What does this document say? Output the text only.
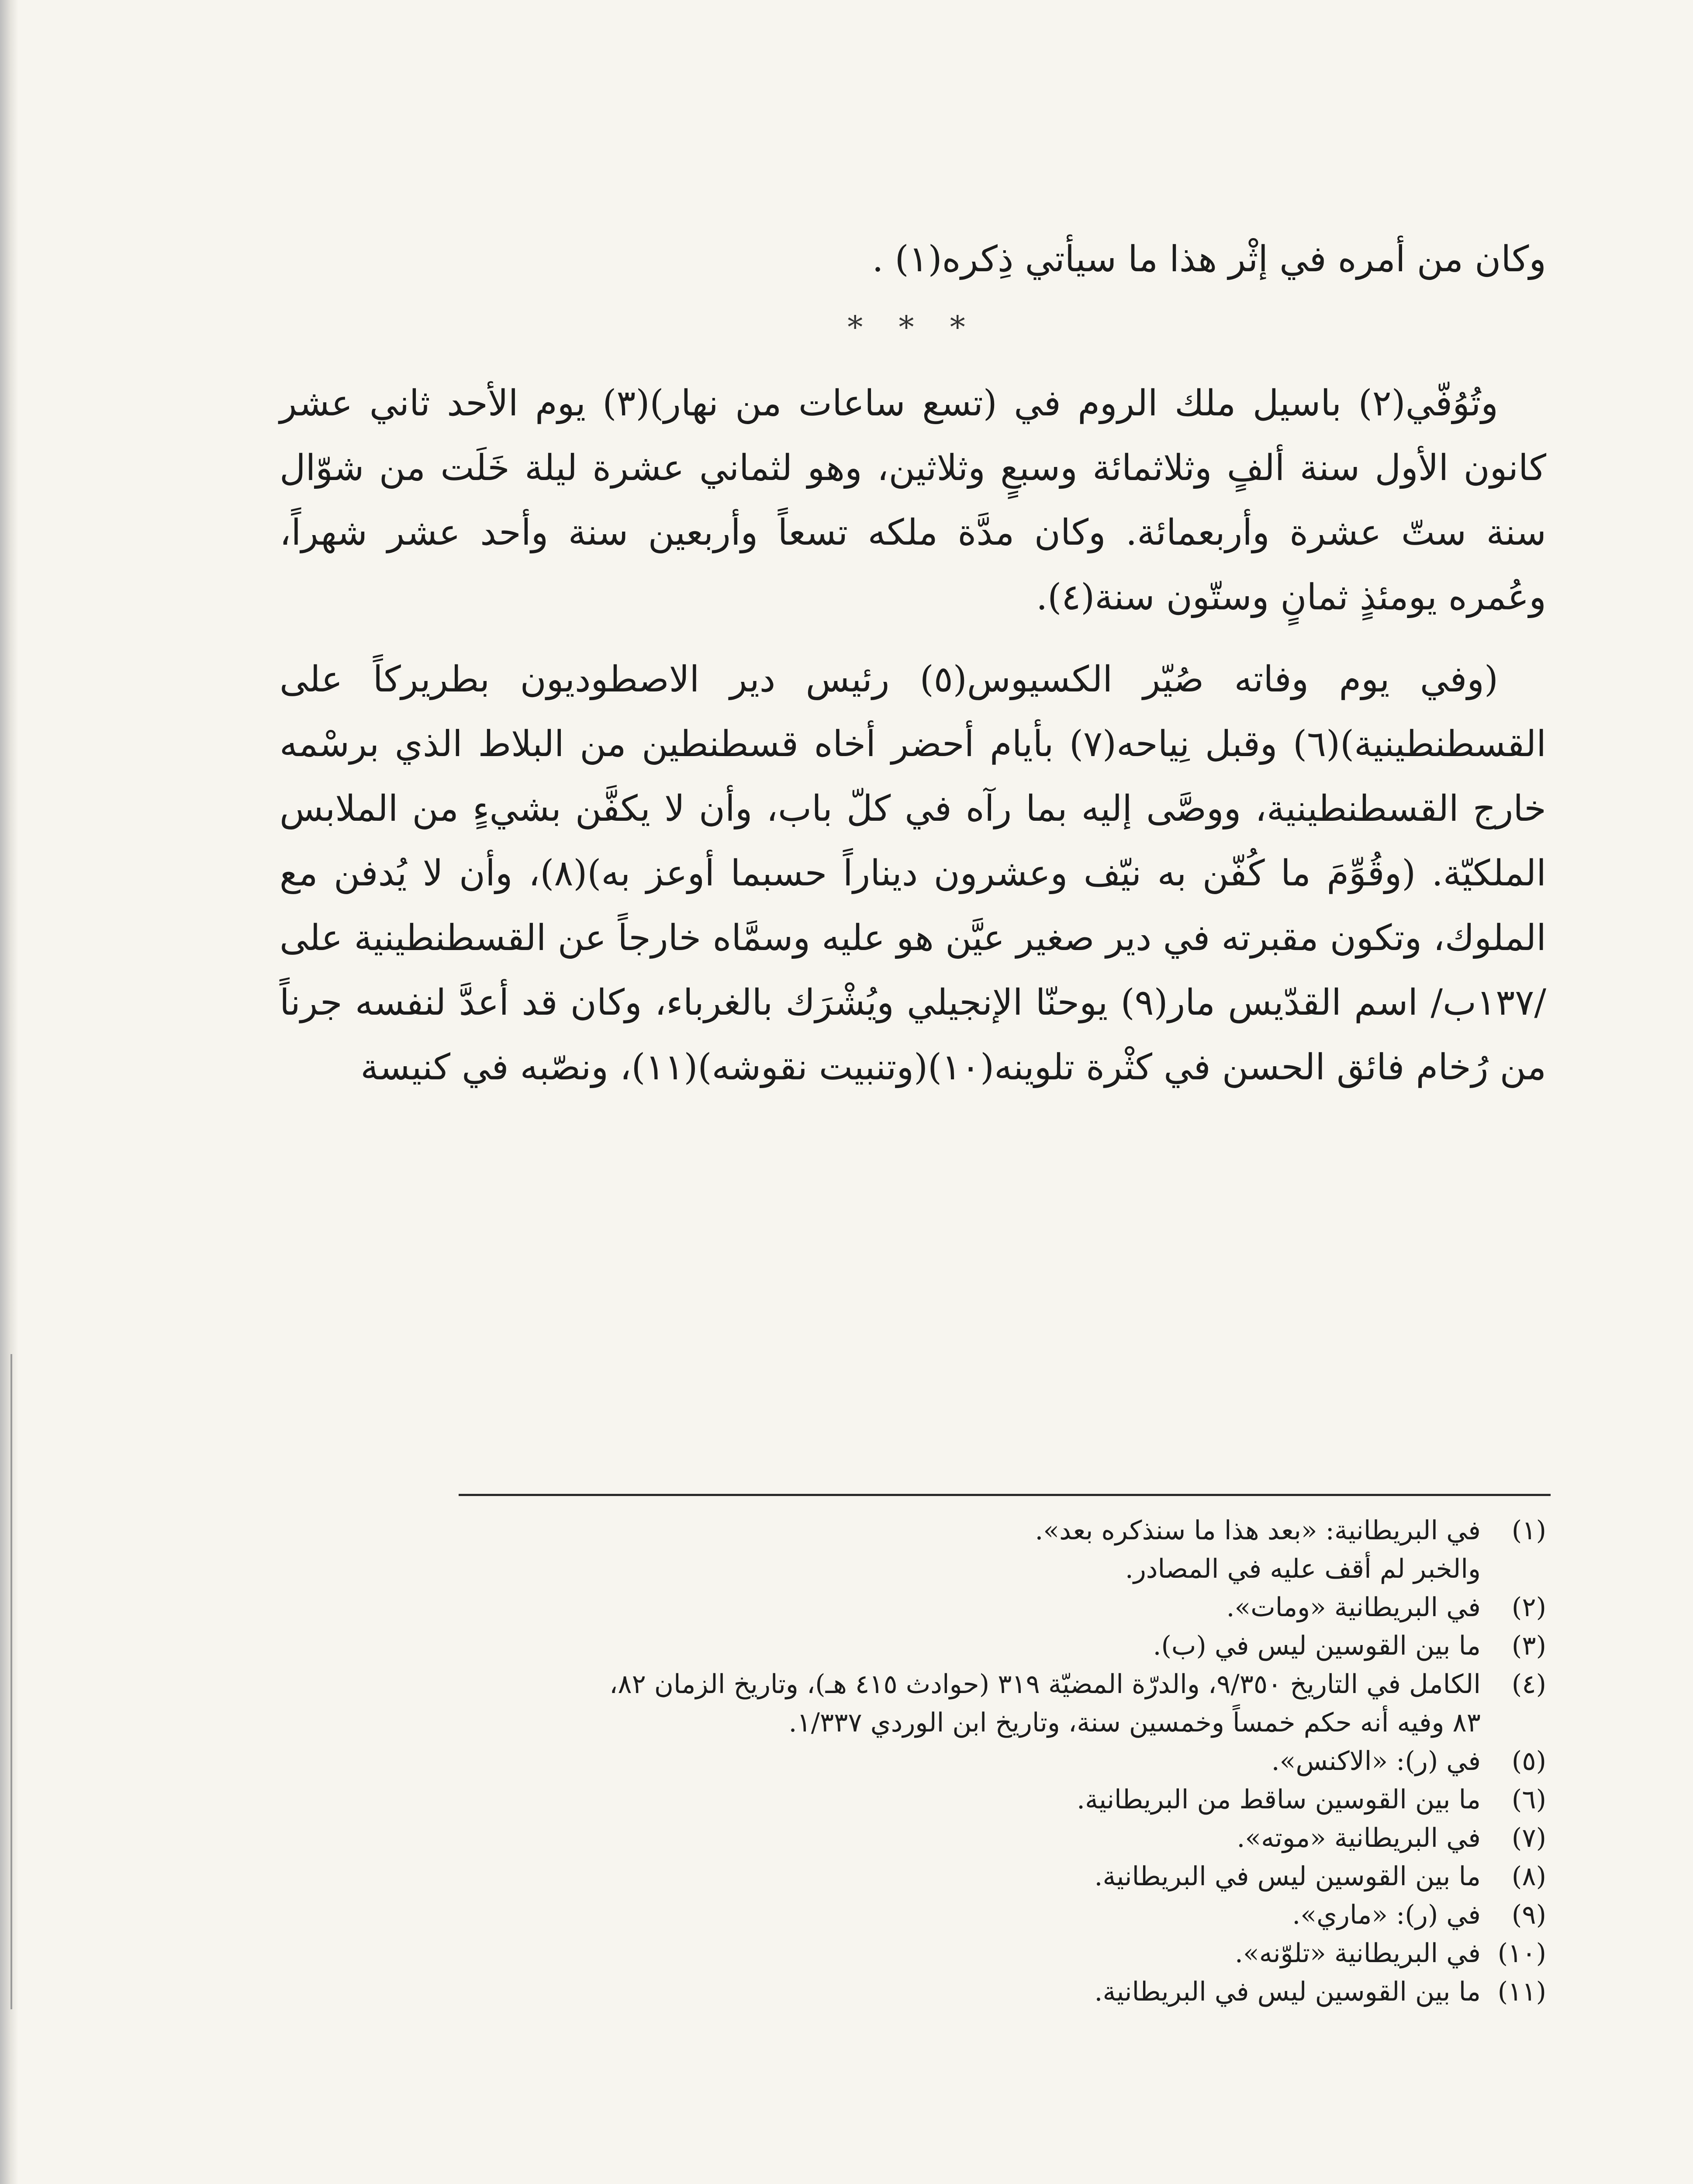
وكان من أمره في إثْر هذا ما سيأتي ذِكره(١) .

* * *

وتُوُفّي(٢) باسيل ملك الروم في (تسع ساعات من نهار)(٣) يوم الأحد ثاني عشر كانون الأول سنة ألفٍ وثلاثمائة وسبعٍ وثلاثين، وهو لثماني عشرة ليلة خَلَت من شوّال سنة ستّ عشرة وأربعمائة. وكان مدَّة ملكه تسعاً وأربعين سنة وأحد عشر شهراً، وعُمره يومئذٍ ثمانٍ وستّون سنة(٤).

(وفي يوم وفاته صُيّر الكسيوس(٥) رئيس دير الاصطوديون بطريركاً على القسطنطينية)(٦) وقبل نِياحه(٧) بأيام أحضر أخاه قسطنطين من البلاط الذي برسْمه خارج القسطنطينية، ووصَّى إليه بما رآه في كلّ باب، وأن لا يكفَّن بشيءٍ من الملابس الملكيّة. (وقُوِّمَ ما كُفّن به نيّف وعشرون ديناراً حسبما أوعز به)(٨)، وأن لا يُدفن مع الملوك، وتكون مقبرته في دير صغير عيَّن هو عليه وسمَّاه خارجاً عن القسطنطينية على /١٣٧ب/ اسم القدّيس مار(٩) يوحنّا الإنجيلي ويُشْرَك بالغرباء، وكان قد أعدَّ لنفسه جرناً من رُخام فائق الحسن في كثْرة تلوينه(١٠)(وتنبيت نقوشه)(١١)، ونصّبه في كنيسة

(١)
في البريطانية: «بعد هذا ما سنذكره بعد».
والخبر لم أقف عليه في المصادر.
(٢)
في البريطانية «ومات».
(٣)
ما بين القوسين ليس في (ب).
(٤)
الكامل في التاريخ ٩/٣٥٠، والدرّة المضيّة ٣١٩ (حوادث ٤١٥ هـ)، وتاريخ الزمان ٨٢،
٨٣ وفيه أنه حكم خمساً وخمسين سنة، وتاريخ ابن الوردي ١/٣٣٧.
(٥)
في (ر): «الاكنس».
(٦)
ما بين القوسين ساقط من البريطانية.
(٧)
في البريطانية «موته».
(٨)
ما بين القوسين ليس في البريطانية.
(٩)
في (ر): «ماري».
(١٠)
في البريطانية «تلوّنه».
(١١)
ما بين القوسين ليس في البريطانية.
